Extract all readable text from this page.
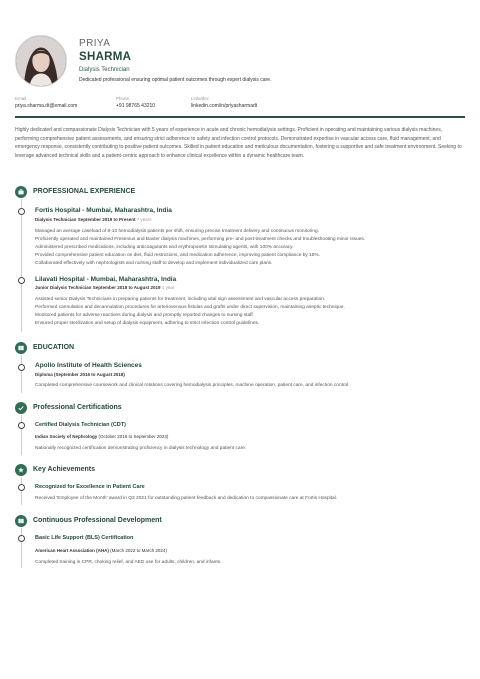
PRIYA
SHARMA
Dialysis Technician
Dedicated professional ensuring optimal patient outcomes through expert dialysis care.
Email:
priya.sharma.dt@email.com
Phone:
+91 98765 43210
LinkedIn:
linkedin.com/in/priyasharmadt

Highly dedicated and compassionate Dialysis Technician with 5 years of experience in acute and chronic hemodialysis settings. Proficient in operating and maintaining various dialysis machines, performing comprehensive patient assessments, and ensuring strict adherence to safety and infection control protocols. Demonstrated expertise in vascular access care, fluid management, and emergency response, consistently contributing to positive patient outcomes. Skilled in patient education and meticulous documentation, fostering a supportive and safe treatment environment. Seeking to leverage advanced technical skills and a patient-centric approach to enhance clinical excellence within a dynamic healthcare team.

PROFESSIONAL EXPERIENCE
Fortis Hospital - Mumbai, Maharashtra, India
Dialysis Technician September 2019 to Present 7 years
Managed an average caseload of 8-10 hemodialysis patients per shift, ensuring precise treatment delivery and continuous monitoring.
Proficiently operated and maintained Fresenius and Baxter dialysis machines, performing pre- and post-treatment checks and troubleshooting minor issues.
Administered prescribed medications, including anticoagulants and erythropoietin stimulating agents, with 100% accuracy.
Provided comprehensive patient education on diet, fluid restrictions, and medication adherence, improving patient compliance by 15%.
Collaborated effectively with nephrologists and nursing staff to develop and implement individualized care plans.
Lilavati Hospital - Mumbai, Maharashtra, India
Junior Dialysis Technician September 2018 to August 2019 1 year
Assisted senior Dialysis Technicians in preparing patients for treatment, including vital sign assessment and vascular access preparation.
Performed cannulation and decannulation procedures for arteriovenous fistulas and grafts under direct supervision, maintaining aseptic technique.
Monitored patients for adverse reactions during dialysis and promptly reported changes to nursing staff.
Ensured proper sterilization and setup of dialysis equipment, adhering to strict infection control guidelines.
EDUCATION
Apollo Institute of Health Sciences
Diploma (September 2016 to August 2018)
Completed comprehensive coursework and clinical rotations covering hemodialysis principles, machine operation, patient care, and infection control.
Professional Certifications
Certified Dialysis Technician (CDT)
Indian Society of Nephrology (October 2018 to September 2023)
Nationally recognized certification demonstrating proficiency in dialysis technology and patient care.
Key Achievements
Recognized for Excellence in Patient Care
Received 'Employee of the Month' award in Q3 2021 for outstanding patient feedback and dedication to compassionate care at Fortis Hospital.
Continuous Professional Development
Basic Life Support (BLS) Certification
American Heart Association (AHA) (March 2022 to March 2024)
Completed training in CPR, choking relief, and AED use for adults, children, and infants.
